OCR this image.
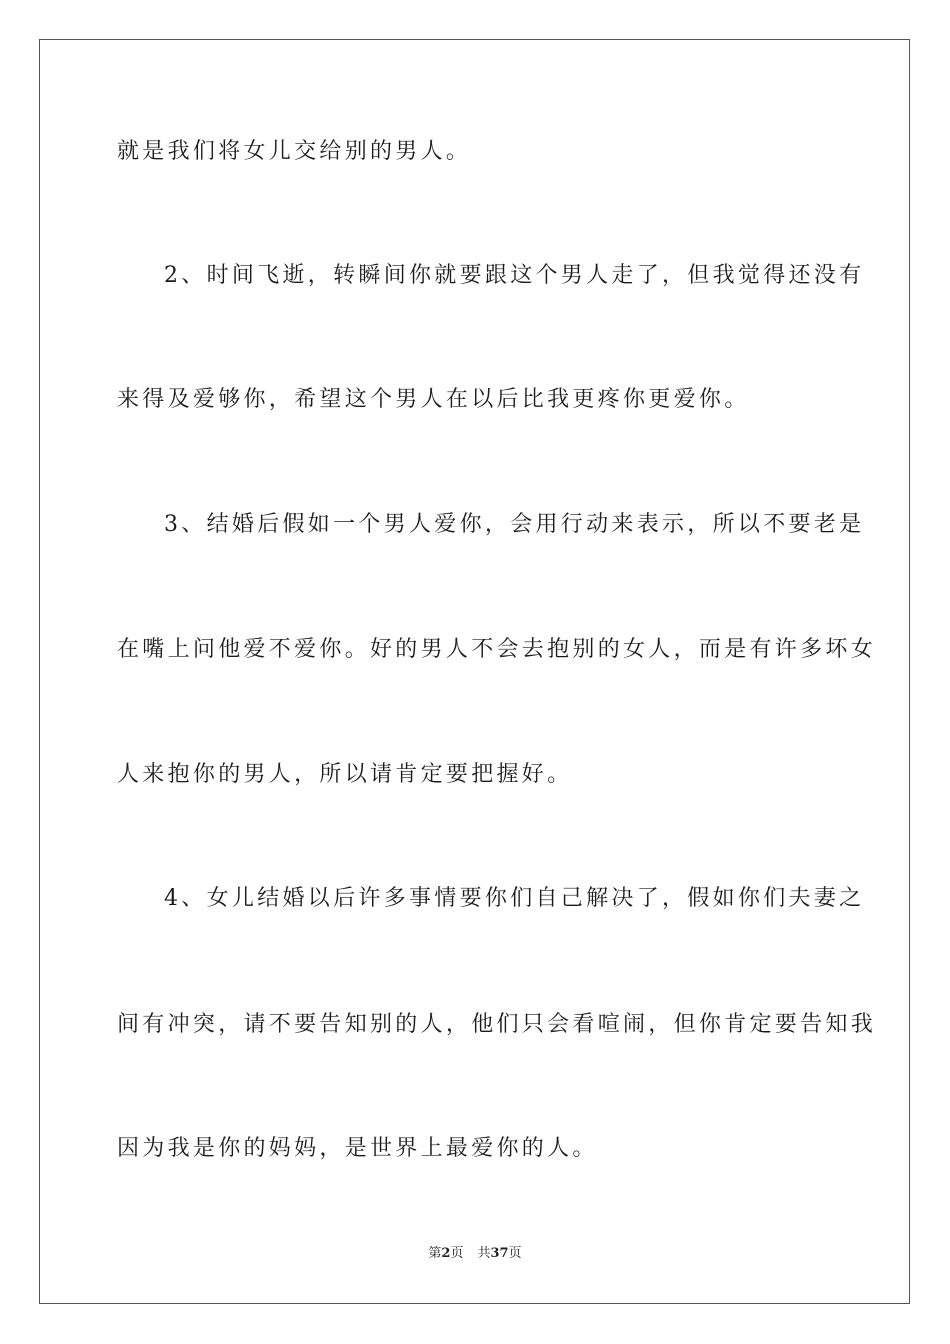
就是我们将女儿交给别的男人。
2、时间飞逝，转瞬间你就要跟这个男人走了，但我觉得还没有
来得及爱够你，希望这个男人在以后比我更疼你更爱你。
3、结婚后假如一个男人爱你，会用行动来表示，所以不要老是
在嘴上问他爱不爱你。好的男人不会去抱别的女人，而是有许多坏女
人来抱你的男人，所以请肯定要把握好。
4、女儿结婚以后许多事情要你们自己解决了，假如你们夫妻之
间有冲突，请不要告知别的人，他们只会看喧闹，但你肯定要告知我
因为我是你的妈妈，是世界上最爱你的人。
第2页 共37页
